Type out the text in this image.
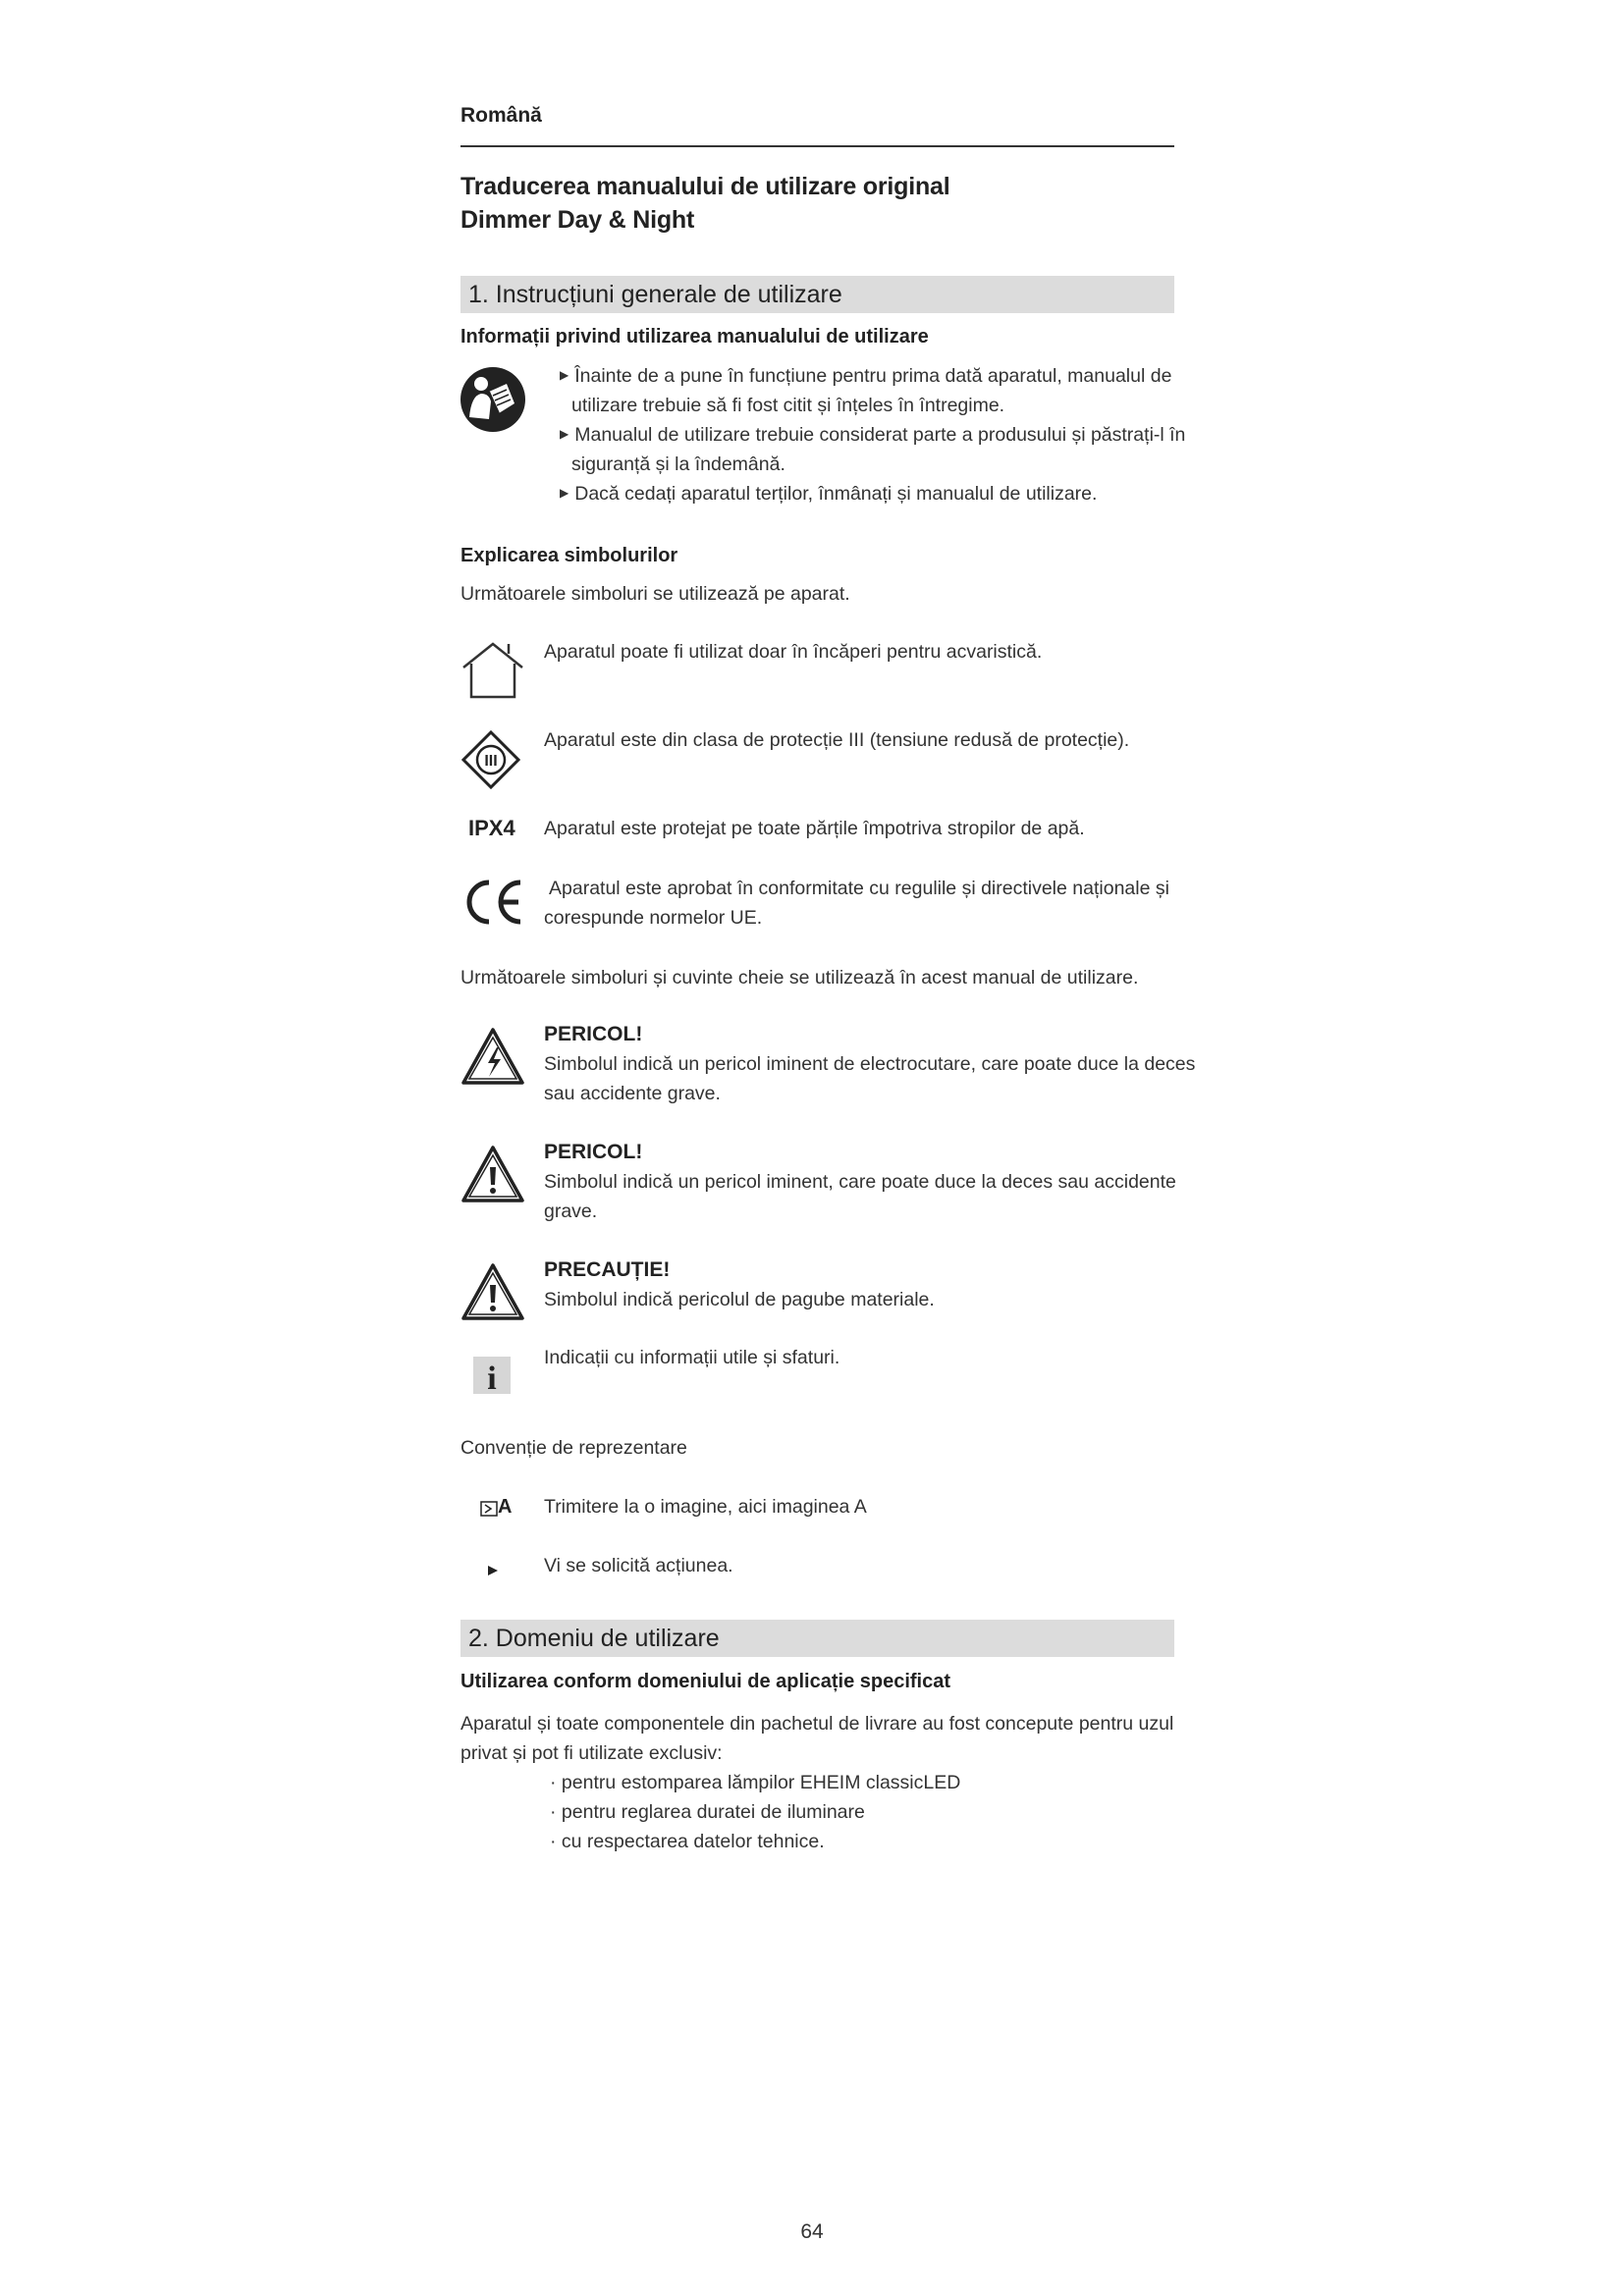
Română
Traducerea manualului de utilizare original
Dimmer Day & Night
1. Instrucțiuni generale de utilizare
Informații privind utilizarea manualului de utilizare
▶ Înainte de a pune în funcțiune pentru prima dată aparatul, manualul de
utilizare trebuie să fi fost citit și înțeles în întregime.
▶ Manualul de utilizare trebuie considerat parte a produsului și păstrați-l în
siguranță și la îndemână.
▶ Dacă cedați aparatul terților, înmânați și manualul de utilizare.
Explicarea simbolurilor
Următoarele simboluri se utilizează pe aparat.
Aparatul poate fi utilizat doar în încăperi pentru acvaristică.
III
Aparatul este din clasa de protecție III (tensiune redusă de protecție).
IPX4 Aparatul este protejat pe toate părțile împotriva stropilor de apă.
Aparatul este aprobat în conformitate cu regulile și directivele naționale și
corespunde normelor UE.
Următoarele simboluri și cuvinte cheie se utilizează în acest manual de utilizare.
PERICOL!
Simbolul indică un pericol iminent de electrocutare, care poate duce la deces
sau accidente grave.
PERICOL!
Simbolul indică un pericol iminent, care poate duce la deces sau accidente
grave.
PRECAUȚIE!
Simbolul indică pericolul de pagube materiale.
i
Indicații cu informații utile și sfaturi.
Convenție de reprezentare
A Trimitere la o imagine, aici imaginea A
Vi se solicită acțiunea.
2. Domeniu de utilizare
Utilizarea conform domeniului de aplicație specificat
Aparatul și toate componentele din pachetul de livrare au fost concepute pentru uzul
privat și pot fi utilizate exclusiv:
· pentru estomparea lămpilor EHEIM classicLED
· pentru reglarea duratei de iluminare
· cu respectarea datelor tehnice.
64
